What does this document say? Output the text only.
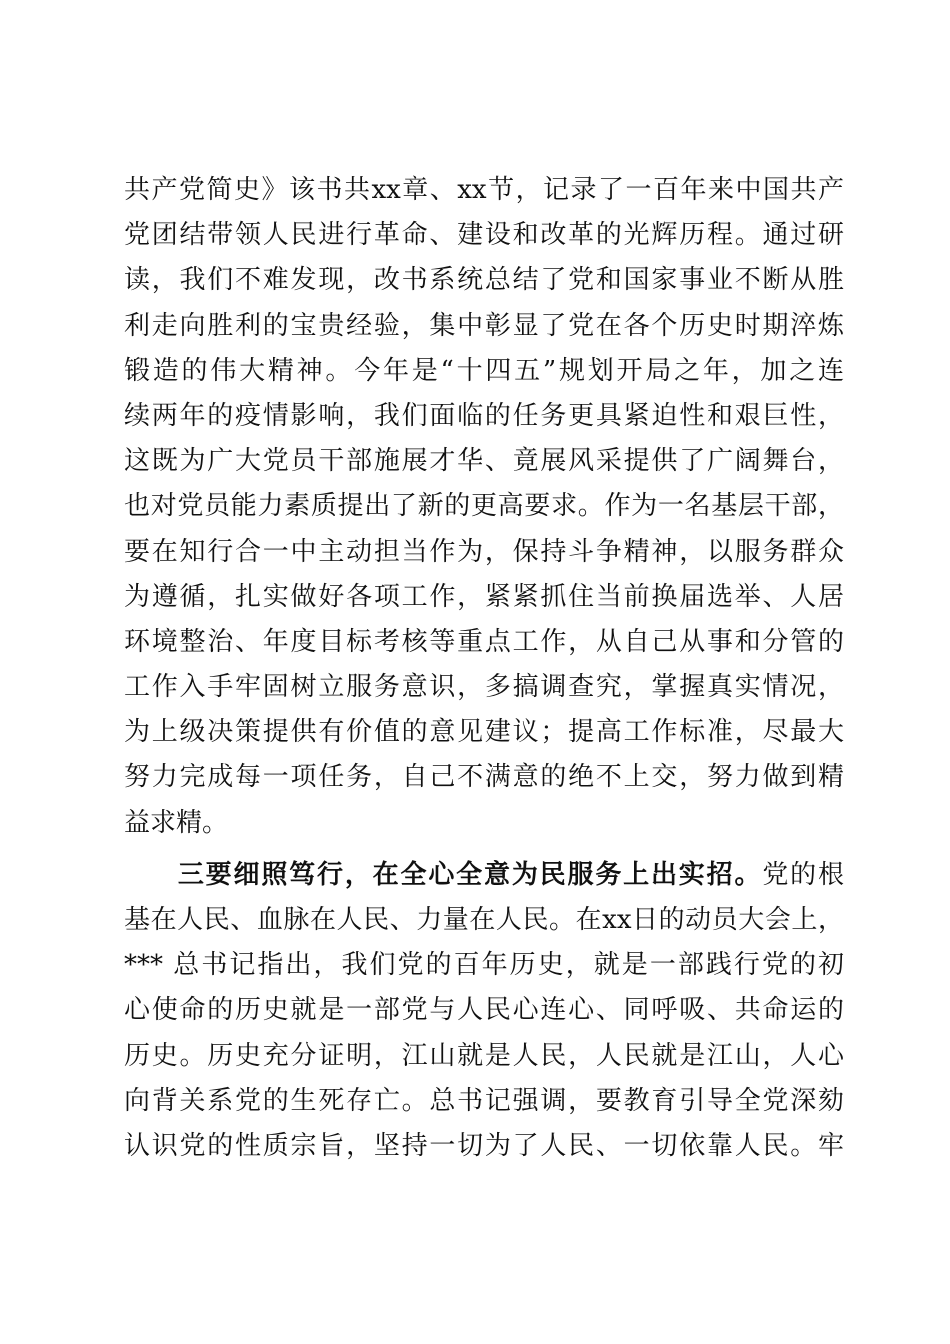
共产党简史》该书共xx章、xx节，记录了一百年来中国共产
党团结带领人民进行革命、建设和改革的光辉历程。通过研
读，我们不难发现，改书系统总结了党和国家事业不断从胜
利走向胜利的宝贵经验，集中彰显了党在各个历史时期淬炼
锻造的伟大精神。今年是“十四五”规划开局之年，加之连
续两年的疫情影响，我们面临的任务更具紧迫性和艰巨性，
这既为广大党员干部施展才华、竟展风采提供了广阔舞台，
也对党员能力素质提出了新的更高要求。作为一名基层干部，
要在知行合一中主动担当作为，保持斗争精神，以服务群众
为遵循，扎实做好各项工作，紧紧抓住当前换届选举、人居
环境整治、年度目标考核等重点工作，从自己从事和分管的
工作入手牢固树立服务意识，多搞调查究，掌握真实情况，
为上级决策提供有价值的意见建议；提高工作标准，尽最大
努力完成每一项任务，自己不满意的绝不上交，努力做到精
益求精。
三要细照笃行，在全心全意为民服务上出实招。党的根
基在人民、血脉在人民、力量在人民。在xx日的动员大会上，
*** 总书记指出，我们党的百年历史，就是一部践行党的初
心使命的历史就是一部党与人民心连心、同呼吸、共命运的
历史。历史充分证明，江山就是人民，人民就是江山，人心
向背关系党的生死存亡。总书记强调，要教育引导全党深劾
认识党的性质宗旨，坚持一切为了人民、一切依靠人民。牢
